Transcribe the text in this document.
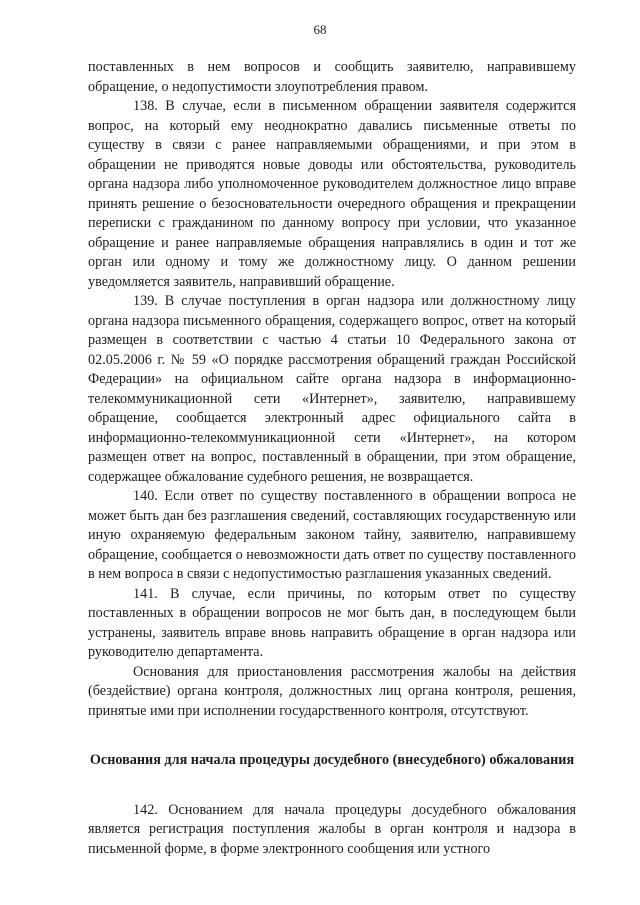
68

поставленных в нем вопросов и сообщить заявителю, направившему обращение, о недопустимости злоупотребления правом.

138. В случае, если в письменном обращении заявителя содержится вопрос, на который ему неоднократно давались письменные ответы по существу в связи с ранее направляемыми обращениями, и при этом в обращении не приводятся новые доводы или обстоятельства, руководитель органа надзора либо уполномоченное руководителем должностное лицо вправе принять решение о безосновательности очередного обращения и прекращении переписки с гражданином по данному вопросу при условии, что указанное обращение и ранее направляемые обращения направлялись в один и тот же орган или одному и тому же должностному лицу. О данном решении уведомляется заявитель, направивший обращение.

139. В случае поступления в орган надзора или должностному лицу органа надзора письменного обращения, содержащего вопрос, ответ на который размещен в соответствии с частью 4 статьи 10 Федерального закона от 02.05.2006 г. № 59 «О порядке рассмотрения обращений граждан Российской Федерации» на официальном сайте органа надзора в информационно-телекоммуникационной сети «Интернет», заявителю, направившему обращение, сообщается электронный адрес официального сайта в информационно-телекоммуникационной сети «Интернет», на котором размещен ответ на вопрос, поставленный в обращении, при этом обращение, содержащее обжалование судебного решения, не возвращается.

140. Если ответ по существу поставленного в обращении вопроса не может быть дан без разглашения сведений, составляющих государственную или иную охраняемую федеральным законом тайну, заявителю, направившему обращение, сообщается о невозможности дать ответ по существу поставленного в нем вопроса в связи с недопустимостью разглашения указанных сведений.

141. В случае, если причины, по которым ответ по существу поставленных в обращении вопросов не мог быть дан, в последующем были устранены, заявитель вправе вновь направить обращение в орган надзора или руководителю департамента.

Основания для приостановления рассмотрения жалобы на действия (бездействие) органа контроля, должностных лиц органа контроля, решения, принятые ими при исполнении государственного контроля, отсутствуют.

Основания для начала процедуры досудебного (внесудебного) обжалования

142. Основанием для начала процедуры досудебного обжалования является регистрация поступления жалобы в орган контроля и надзора в письменной форме, в форме электронного сообщения или устного
